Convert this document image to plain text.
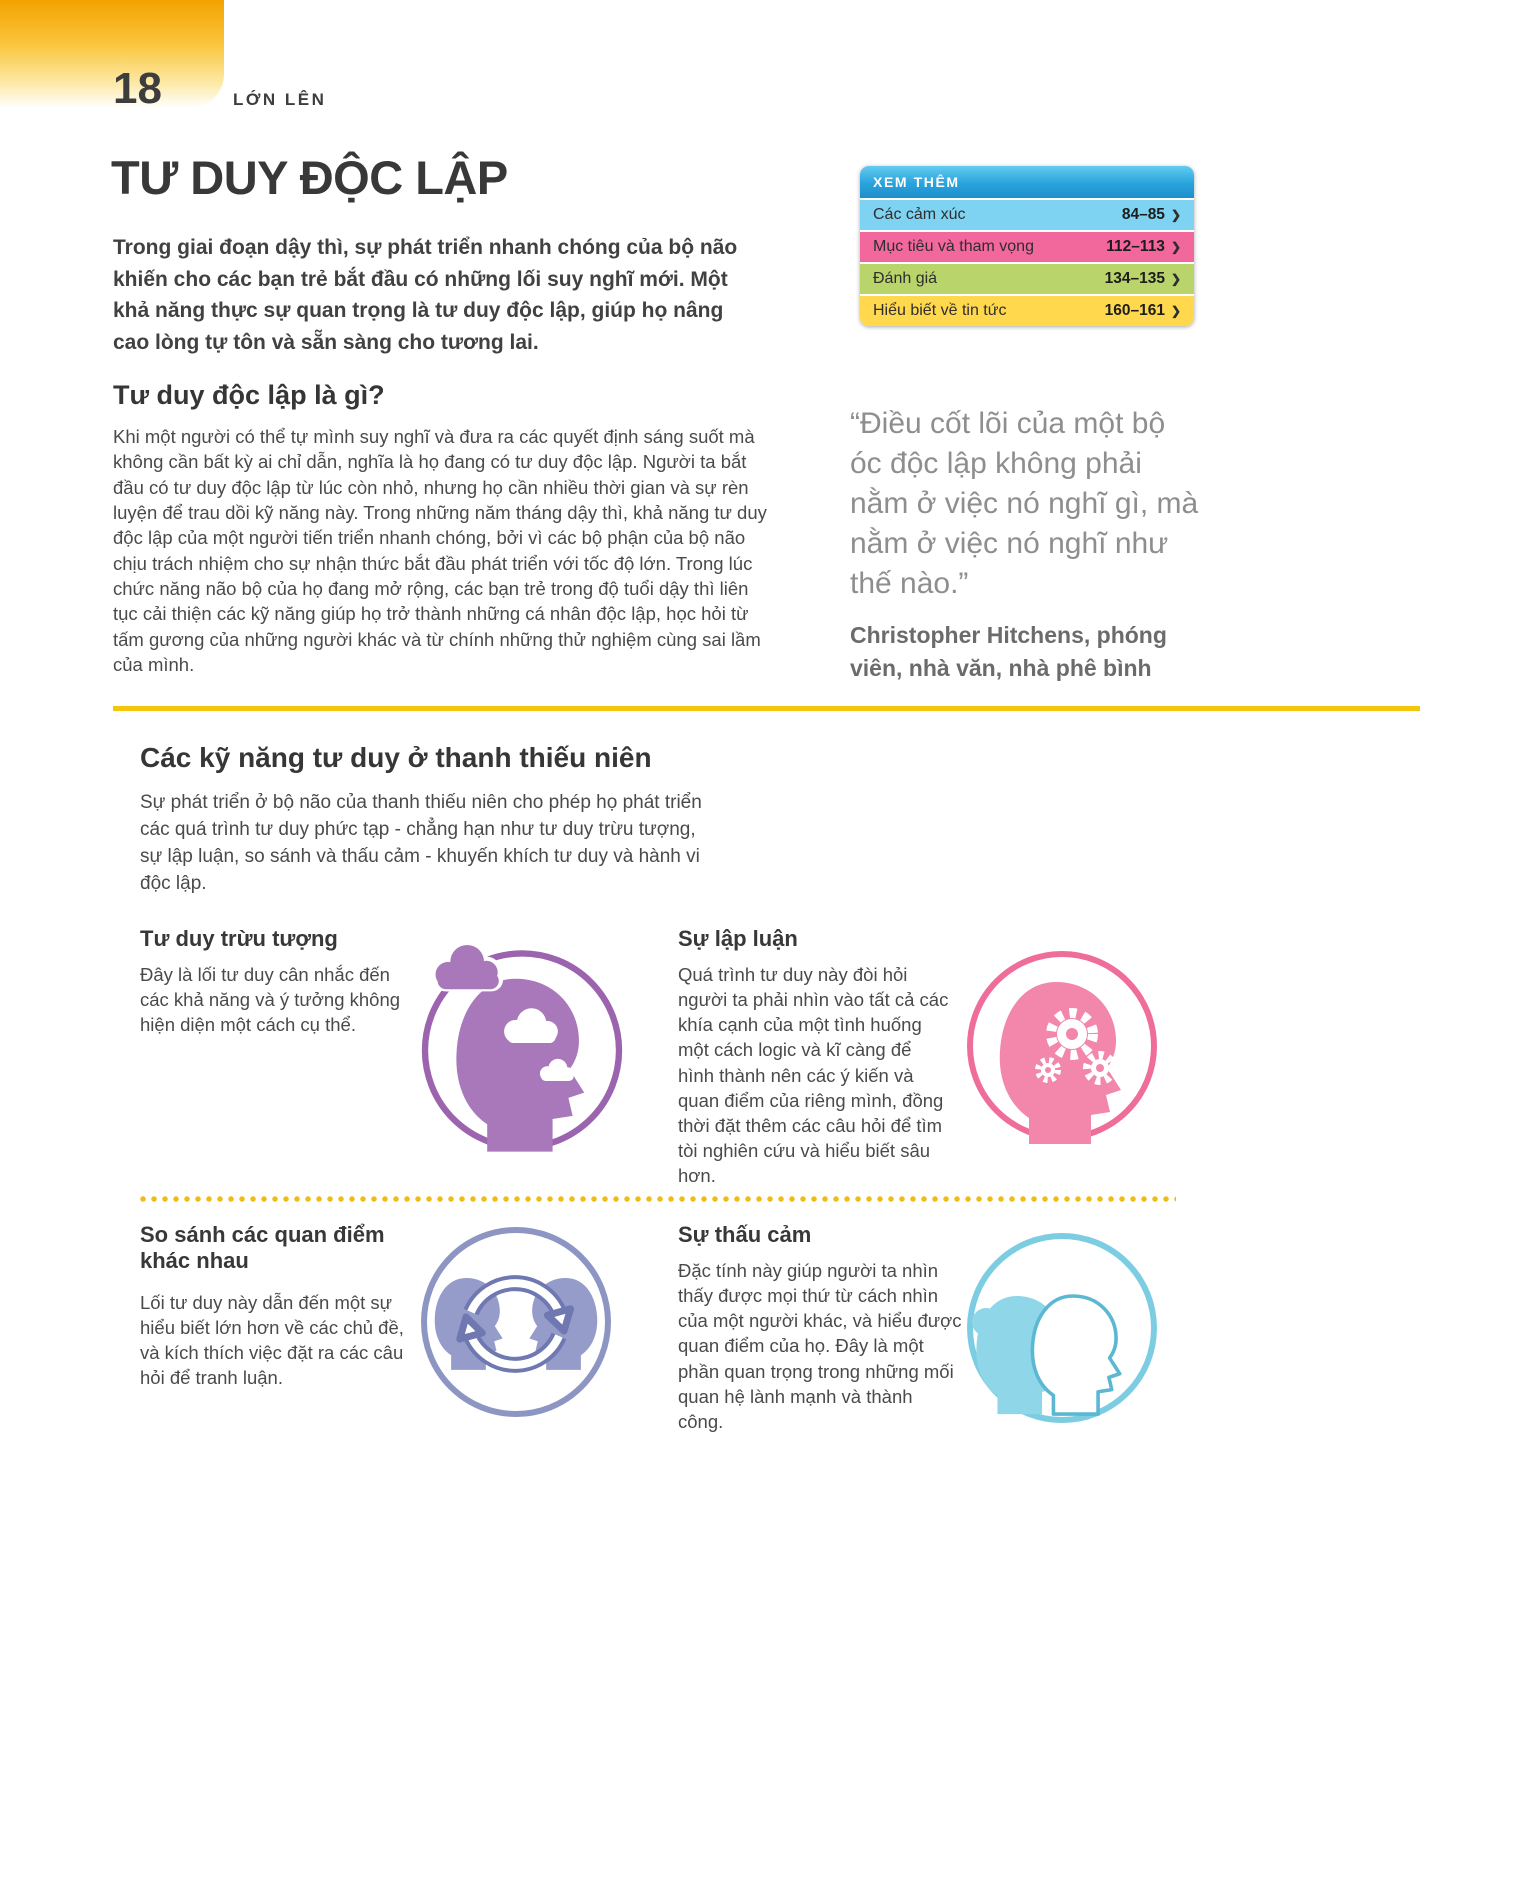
18	LỚN LÊN
TƯ DUY ĐỘC LẬP

Trong giai đoạn dậy thì, sự phát triển nhanh chóng của bộ não khiến cho các bạn trẻ bắt đầu có những lối suy nghĩ mới. Một khả năng thực sự quan trọng là tư duy độc lập, giúp họ nâng cao lòng tự tôn và sẵn sàng cho tương lai.

XEM THÊM
Các cảm xúc	84–85 ❯
Mục tiêu và tham vọng	112–113 ❯
Đánh giá	134–135 ❯
Hiểu biết về tin tức	160–161 ❯
Tư duy độc lập là gì?

Khi một người có thể tự mình suy nghĩ và đưa ra các quyết định sáng suốt mà không cần bất kỳ ai chỉ dẫn, nghĩa là họ đang có tư duy độc lập. Người ta bắt đầu có tư duy độc lập từ lúc còn nhỏ, nhưng họ cần nhiều thời gian và sự rèn luyện để trau dồi kỹ năng này. Trong những năm tháng dậy thì, khả năng tư duy độc lập của một người tiến triển nhanh chóng, bởi vì các bộ phận của bộ não chịu trách nhiệm cho sự nhận thức bắt đầu phát triển với tốc độ lớn. Trong lúc chức năng não bộ của họ đang mở rộng, các bạn trẻ trong độ tuổi dậy thì liên tục cải thiện các kỹ năng giúp họ trở thành những cá nhân độc lập, học hỏi từ tấm gương của những người khác và từ chính những thử nghiệm cùng sai lầm của mình.

“Điều cốt lõi của một bộ óc độc lập không phải nằm ở việc nó nghĩ gì, mà nằm ở việc nó nghĩ như thế nào.”

Christopher Hitchens, phóng viên, nhà văn, nhà phê bình

Các kỹ năng tư duy ở thanh thiếu niên

Sự phát triển ở bộ não của thanh thiếu niên cho phép họ phát triển các quá trình tư duy phức tạp - chẳng hạn như tư duy trừu tượng, sự lập luận, so sánh và thấu cảm - khuyến khích tư duy và hành vi độc lập.

Tư duy trừu tượng

Đây là lối tư duy cân nhắc đến các khả năng và ý tưởng không hiện diện một cách cụ thể.

Sự lập luận

Quá trình tư duy này đòi hỏi người ta phải nhìn vào tất cả các khía cạnh của một tình huống một cách logic và kĩ càng để hình thành nên các ý kiến và quan điểm của riêng mình, đồng thời đặt thêm các câu hỏi để tìm tòi nghiên cứu và hiểu biết sâu hơn.

So sánh các quan điểm khác nhau

Lối tư duy này dẫn đến một sự hiểu biết lớn hơn về các chủ đề, và kích thích việc đặt ra các câu hỏi để tranh luận.

Sự thấu cảm

Đặc tính này giúp người ta nhìn thấy được mọi thứ từ cách nhìn của một người khác, và hiểu được quan điểm của họ. Đây là một phần quan trọng trong những mối quan hệ lành mạnh và thành công.
